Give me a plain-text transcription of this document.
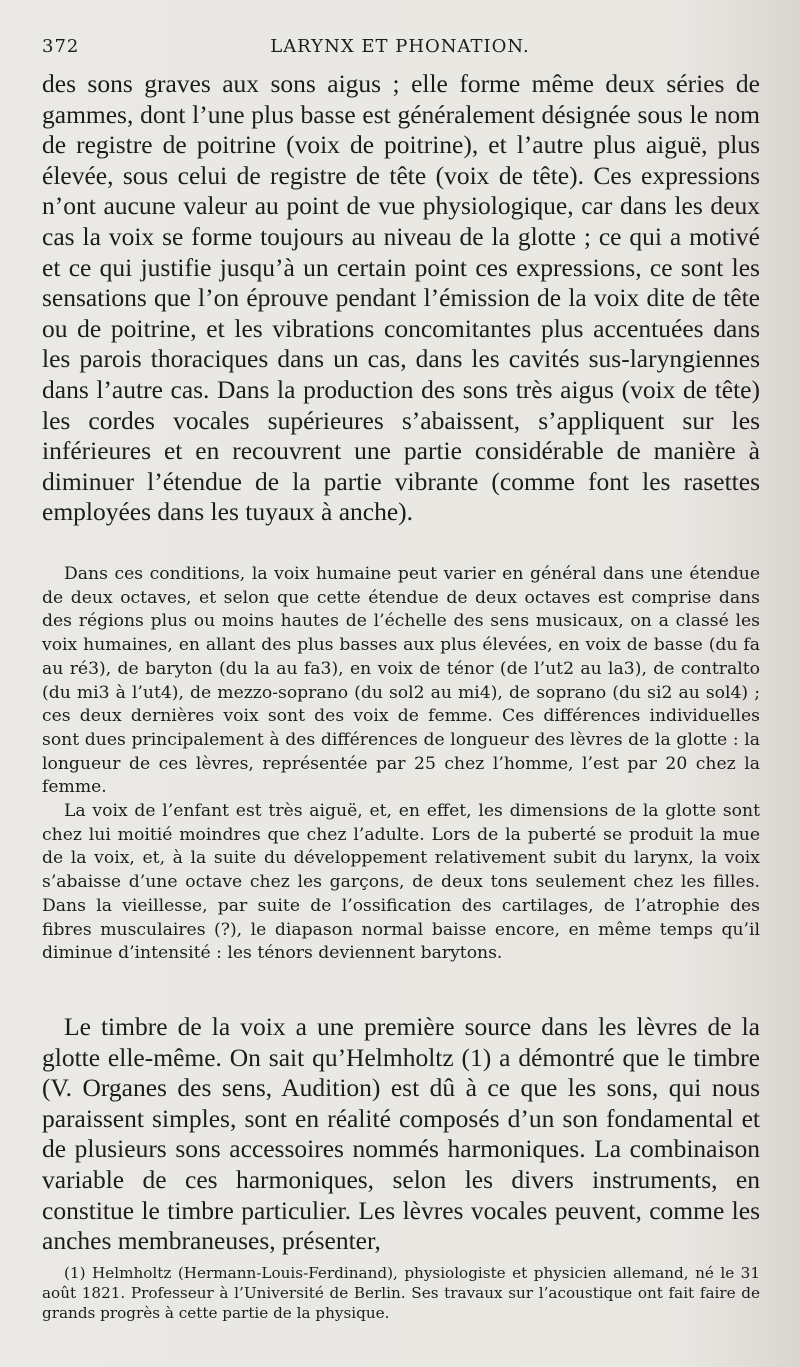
372	LARYNX ET PHONATION.

des sons graves aux sons aigus ; elle forme même deux séries de gammes, dont l’une plus basse est généralement désignée sous le nom de registre de poitrine (voix de poitrine), et l’autre plus aiguë, plus élevée, sous celui de registre de tête (voix de tête). Ces expressions n’ont aucune valeur au point de vue physiologique, car dans les deux cas la voix se forme toujours au niveau de la glotte ; ce qui a motivé et ce qui justifie jusqu’à un certain point ces expressions, ce sont les sensations que l’on éprouve pendant l’émission de la voix dite de tête ou de poitrine, et les vibrations concomitantes plus accentuées dans les parois thoraciques dans un cas, dans les cavités sus-laryngiennes dans l’autre cas. Dans la production des sons très aigus (voix de tête) les cordes vocales supérieures s’abaissent, s’appliquent sur les inférieures et en recouvrent une partie considérable de manière à diminuer l’étendue de la partie vibrante (comme font les rasettes employées dans les tuyaux à anche).

Dans ces conditions, la voix humaine peut varier en général dans une étendue de deux octaves, et selon que cette étendue de deux octaves est comprise dans des régions plus ou moins hautes de l’échelle des sens musicaux, on a classé les voix humaines, en allant des plus basses aux plus élevées, en voix de basse (du fa au ré3), de baryton (du la au fa3), en voix de ténor (de l’ut2 au la3), de contralto (du mi3 à l’ut4), de mezzo-soprano (du sol2 au mi4), de soprano (du si2 au sol4) ; ces deux dernières voix sont des voix de femme. Ces différences individuelles sont dues principalement à des différences de longueur des lèvres de la glotte : la longueur de ces lèvres, représentée par 25 chez l’homme, l’est par 20 chez la femme.

La voix de l’enfant est très aiguë, et, en effet, les dimensions de la glotte sont chez lui moitié moindres que chez l’adulte. Lors de la puberté se produit la mue de la voix, et, à la suite du développement relativement subit du larynx, la voix s’abaisse d’une octave chez les garçons, de deux tons seulement chez les filles. Dans la vieillesse, par suite de l’ossification des cartilages, de l’atrophie des fibres musculaires (?), le diapason normal baisse encore, en même temps qu’il diminue d’intensité : les ténors deviennent barytons.

Le timbre de la voix a une première source dans les lèvres de la glotte elle-même. On sait qu’Helmholtz (1) a démontré que le timbre (V. Organes des sens, Audition) est dû à ce que les sons, qui nous paraissent simples, sont en réalité composés d’un son fondamental et de plusieurs sons accessoires nommés harmoniques. La combinaison variable de ces harmoniques, selon les divers instruments, en constitue le timbre particulier. Les lèvres vocales peuvent, comme les anches membraneuses, présenter,

(1) Helmholtz (Hermann-Louis-Ferdinand), physiologiste et physicien allemand, né le 31 août 1821. Professeur à l’Université de Berlin. Ses travaux sur l’acoustique ont fait faire de grands progrès à cette partie de la physique.
